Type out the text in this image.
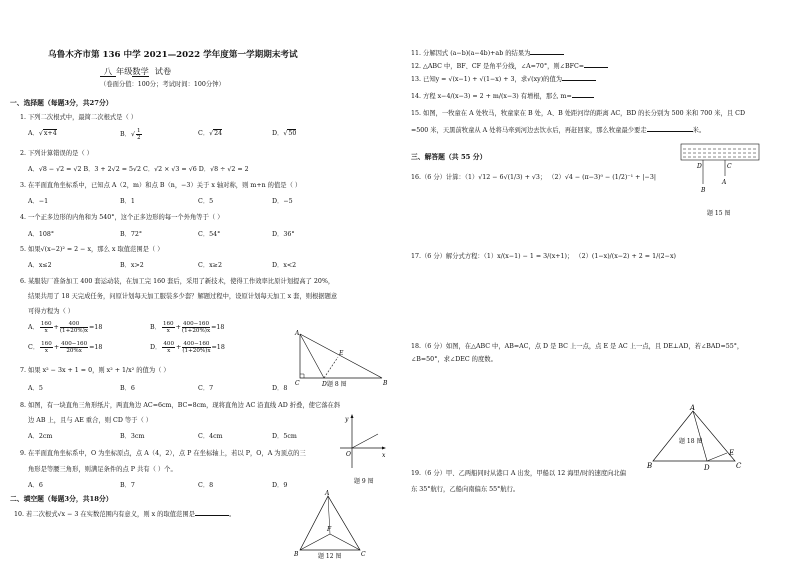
乌鲁木齐市第 136 中学 2021—2022 学年度第一学期期末考试
八 年级数学 试卷
（卷面分值：100分；考试时间：100分钟）
一、选择题（每题3分，共27分）
1. 下列二次根式中，最简二次根式是（ ）
A．√x+4	B．√ $\frac{1}{2}$	C．√24	D．√50
2. 下列计算错误的是（ ）
A．√8 − √2 = √2 B．3 + 2√2 = 5√2 C．√2 × √3 = √6 D．√8 ÷ √2 = 2
3. 在平面直角坐标系中，已知点 A（2，m）和点 B（n，−3）关于 x 轴对称，则 m+n 的值是（ ）
A．−1	B．1	C．5	D．−5
4. 一个正多边形的内角和为 540°，这个正多边形的每一个外角等于（ ）
A．108°	B．72°	C．54°	D．36°
5. 如果√(x−2)² = 2 − x，那么 x 取值范围是（ ）
A．x≤2	B．x>2	C．x≥2	D．x<2
6. 某服装厂准备加工 400 套运动装，在加工完 160 套后，采用了新技术，使得工作效率比原计划提高了 20%，
结果共用了 18 天完成任务，问原计划每天加工服装多少套？解题过程中，设原计划每天加工 x 套，则根据题意
可得方程为（ ）
A． $\frac{160}{x} + \frac{400}{(1+20\%)x} =18$	B． $\frac{160}{x} + \frac{400-160}{(1+20\%)x} =18$
C． $\frac{160}{x} + \frac{400-160}{20\%x} =18$	D． $\frac{400}{x} + \frac{400-160}{(1+20\%)x} =18$
A
C	B
D
E
题 8 图
7. 如果 x² − 3x + 1 = 0，则 x² + 1/x² 的值为（ ）
A．5	B．6	C．7	D．8
8. 如图，有一块直角三角形纸片，两直角边 AC=6cm，BC=8cm，现将直角边 AC 沿直线 AD 折叠，使它落在斜
边 AB 上，且与 AE 重合，则 CD 等于（ ）
A．2cm	B．3cm	C．4cm	D．5cm
y
x
O
题 9 图
9. 在平面直角坐标系中，O 为坐标原点，点 A（4，2），点 P 在坐标轴上，若以 P，O，A 为顶点的三
角形是等腰三角形，则满足条件的点 P 共有（ ）个。
A．6	B．7	C．8	D．9
二、填空题（每题3分，共18分）
10. 若二次根式√x − 3 在实数范围内有意义，则 x 的取值范围是	。
A
F
B	C
题 12 图
11. 分解因式 (a−b)(a−4b)+ab 的结果为
12. △ABC 中，BF、CF 是角平分线，∠A=70°，则∠BFC=
13. 已知y = √(x−1) + √(1−x) + 3，求√(xy)的值为
14. 方程 x−4/(x−3) = 2 + m/(x−3) 有增根，那么 m=
15. 如图，一牧童在 A 处牧马，牧童家在 B 处，A、B 处距河岸的距离 AC，BD 的长分别为 500 米和 700 米，且 CD
=500 米，天黑前牧童从 A 处将马牵到河边去饮水后，再赶回家，那么牧童最少要走	米。
D	C
A
B
题 15 图
三、解答题（共 55 分）
16.（6 分）计算：（1）√12 − 6√(1/3) + √3； （2）√4 − (π−3)⁰ − (1/2)⁻¹ + |−3|
17.（6 分）解分式方程：（1）x/(x−1) − 1 = 3/(x+1)； （2）(1−x)/(x−2) + 2 = 1/(2−x)
18.（6 分）如图，在△ABC 中，AB=AC，点 D 是 BC 上一点，点 E 是 AC 上一点，且 DE⊥AD，若∠BAD=55°，
∠B=50°，求∠DEC 的度数。
A
B	D	C
E
题 18 图
19.（6 分）甲、乙两船同时从港口 A 出发，甲船以 12 海里/时的速度向北偏
东 35°航行，乙船向南偏东 55°航行。
